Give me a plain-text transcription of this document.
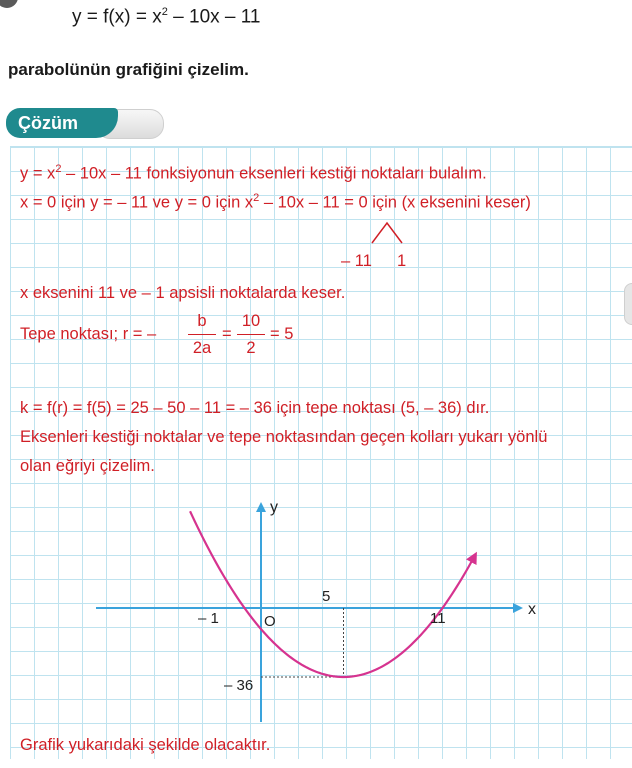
$y = f(x) = x^2 - 10x - 11$
parabolünün grafiğini çizelim.
Çözüm
$y = x^2 - 10x - 11$ fonksiyonun eksenleri kestiği noktaları bulalım.
x = 0 için y = – 11 ve y = 0 için $x^2 - 10x - 11 = 0$ için (x eksenini keser)
– 11 1
x eksenini 11 ve – 1 apsisli noktalarda keser.
Tepe noktası; r = – $\frac{b}{2a} = \frac{10}{2} = 5$
k = f(r) = f(5) = 25 – 50 – 11 = – 36 için tepe noktası (5, – 36) dır.
Eksenleri kestiği noktalar ve tepe noktasından geçen kolları yukarı yönlü
olan eğriyi çizelim.
y
x
O
– 1
5
11
– 36
Grafik yukarıdaki şekilde olacaktır.
